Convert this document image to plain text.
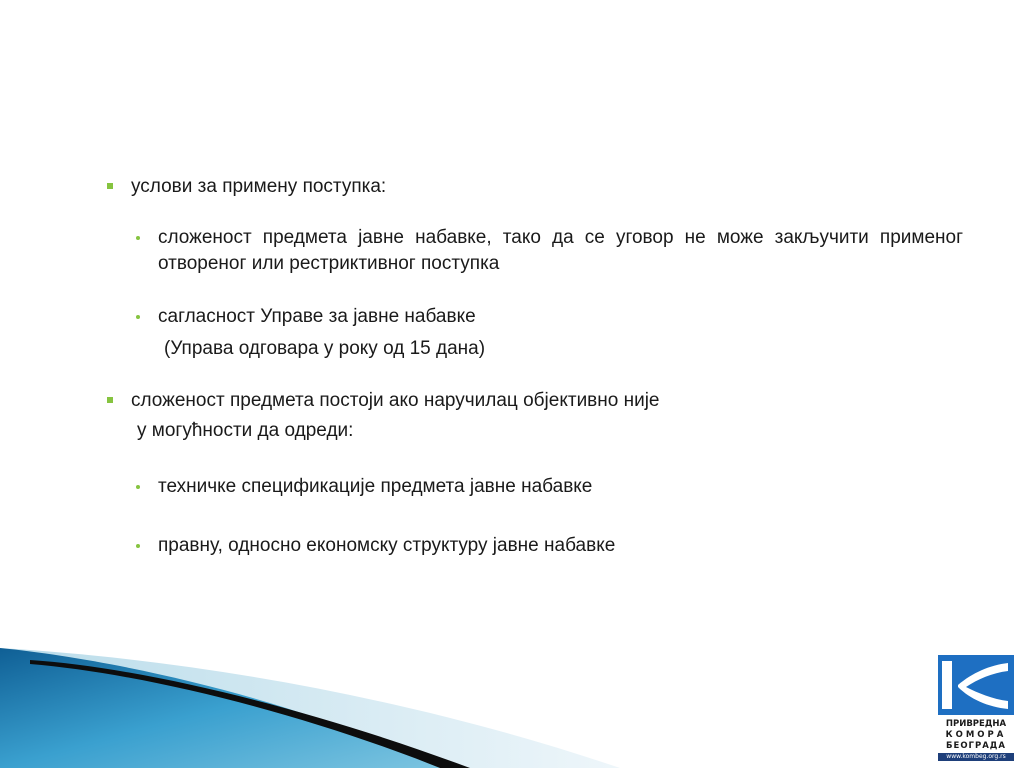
услови за примену поступка:
сложеност предмета јавне набавке, тако да се уговор не може закључити применог отвореног или рестриктивног поступка
сагласност Управе за јавне набавке
(Управа одговара у року од 15 дана)
сложеност предмета постоји ако наручилац објективно није
у могућности да одреди:
техничке спецификације предмета јавне набавке
правну, односно економску структуру јавне набавке
ПРИВРЕДНА
КОМОРА
БЕОГРАДА
www.kombeg.org.rs
